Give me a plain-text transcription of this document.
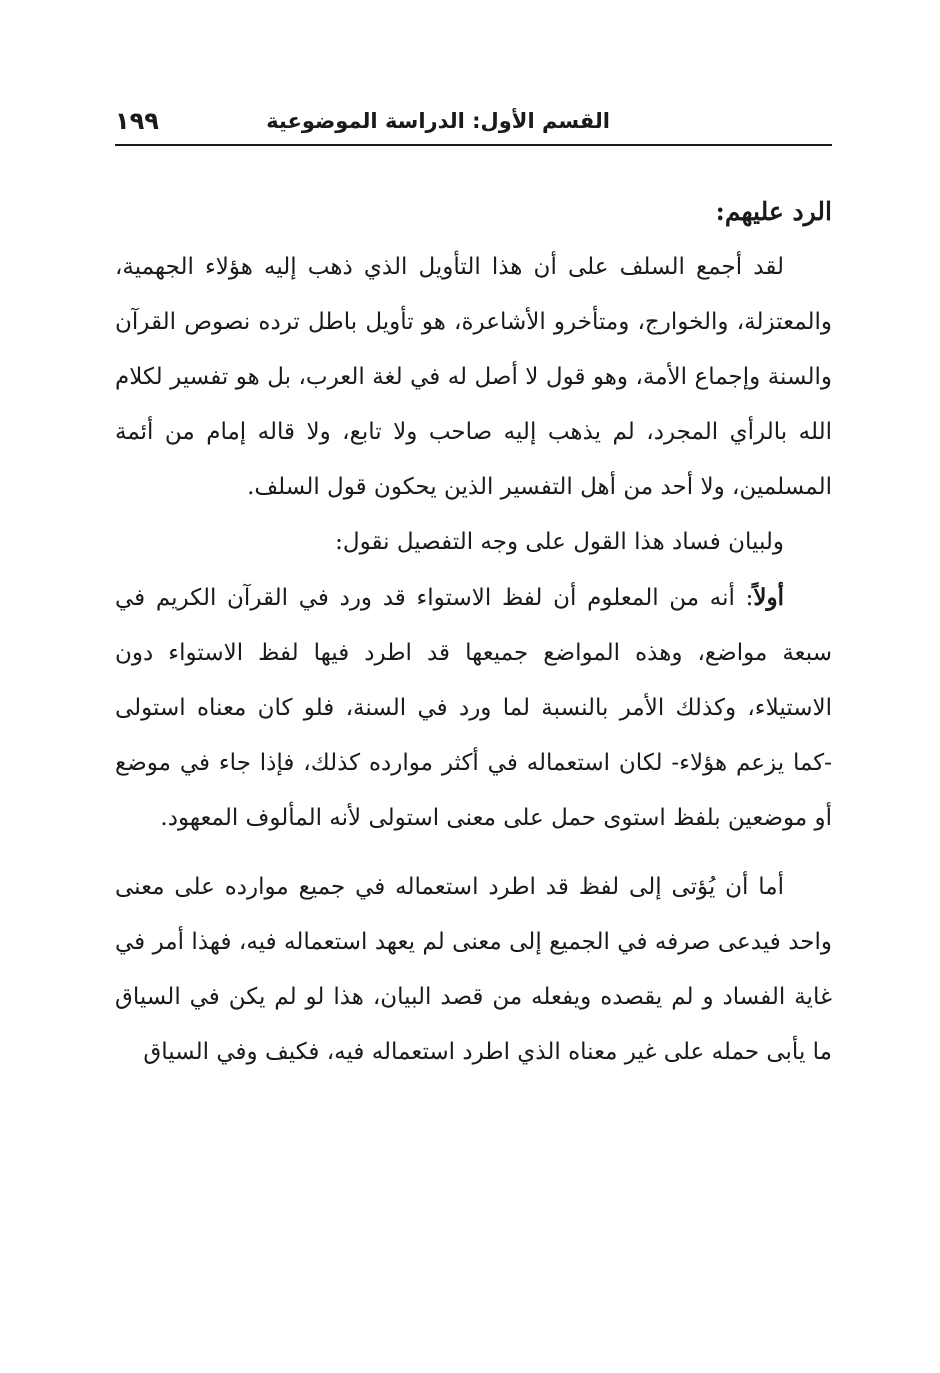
القسم الأول: الدراسة الموضوعية
١٩٩

الرد عليهم:

لقد أجمع السلف على أن هذا التأويل الذي ذهب إليه هؤلاء الجهمية، والمعتزلة، والخوارج، ومتأخرو الأشاعرة، هو تأويل باطل ترده نصوص القرآن والسنة وإجماع الأمة، وهو قول لا أصل له في لغة العرب، بل هو تفسير لكلام الله بالرأي المجرد، لم يذهب إليه صاحب ولا تابع، ولا قاله إمام من أئمة المسلمين، ولا أحد من أهل التفسير الذين يحكون قول السلف.

ولبيان فساد هذا القول على وجه التفصيل نقول:

أولاً: أنه من المعلوم أن لفظ الاستواء قد ورد في القرآن الكريم في سبعة مواضع، وهذه المواضع جميعها قد اطرد فيها لفظ الاستواء دون الاستيلاء، وكذلك الأمر بالنسبة لما ورد في السنة، فلو كان معناه استولى -كما يزعم هؤلاء- لكان استعماله في أكثر موارده كذلك، فإذا جاء في موضع أو موضعين بلفظ استوى حمل على معنى استولى لأنه المألوف المعهود.

أما أن يُؤتى إلى لفظ قد اطرد استعماله في جميع موارده على معنى واحد فيدعى صرفه في الجميع إلى معنى لم يعهد استعماله فيه، فهذا أمر في غاية الفساد و لم يقصده ويفعله من قصد البيان، هذا لو لم يكن في السياق ما يأبى حمله على غير معناه الذي اطرد استعماله فيه، فكيف وفي السياق
